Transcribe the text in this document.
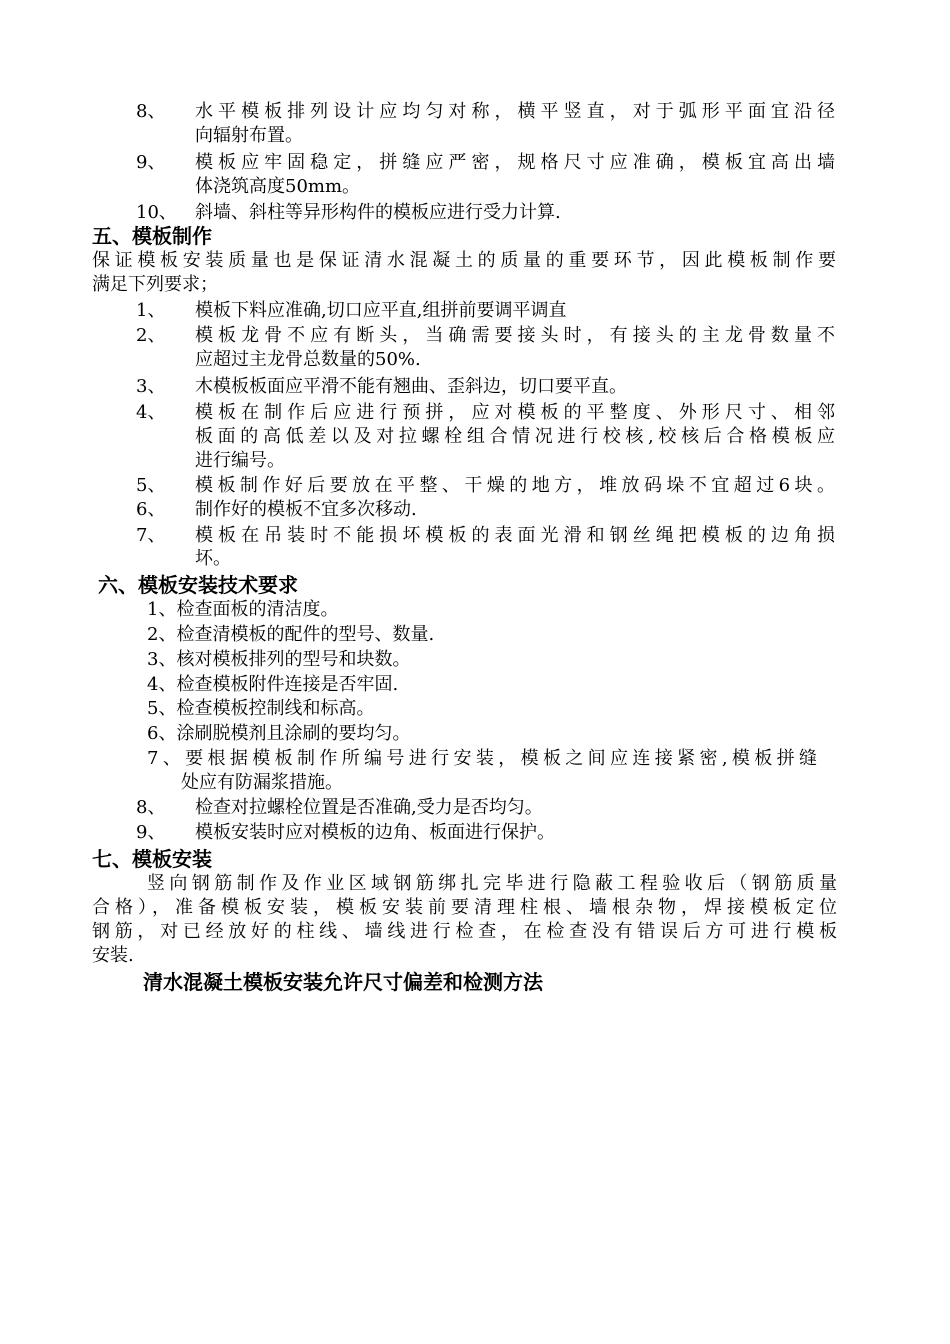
8、 水平模板排列设计应均匀对称，横平竖直，对于弧形平面宜沿径
向辐射布置。
9、 模板应牢固稳定，拼缝应严密，规格尺寸应准确，模板宜高出墙
体浇筑高度50mm。
10、 斜墙、斜柱等异形构件的模板应进行受力计算.
五、模板制作
保证模板安装质量也是保证清水混凝土的质量的重要环节，因此模板制作要
满足下列要求；
1、 模板下料应准确,切口应平直,组拼前要调平调直
2、 模板龙骨不应有断头，当确需要接头时，有接头的主龙骨数量不
应超过主龙骨总数量的50%.
3、 木模板板面应平滑不能有翘曲、歪斜边，切口要平直。
4、 模板在制作后应进行预拼，应对模板的平整度、外形尺寸、相邻
板面的高低差以及对拉螺栓组合情况进行校核,校核后合格模板应
进行编号。
5、 模板制作好后要放在平整、干燥的地方，堆放码垛不宜超过6块。
6、 制作好的模板不宜多次移动.
7、 模板在吊装时不能损坏模板的表面光滑和钢丝绳把模板的边角损
坏。
六、模板安装技术要求
1、检查面板的清洁度。
2、检查清模板的配件的型号、数量.
3、核对模板排列的型号和块数。
4、检查模板附件连接是否牢固.
5、检查模板控制线和标高。
6、涂刷脱模剂且涂刷的要均匀。
7、要根据模板制作所编号进行安装，模板之间应连接紧密,模板拼缝
处应有防漏浆措施。
8、 检查对拉螺栓位置是否准确,受力是否均匀。
9、 模板安装时应对模板的边角、板面进行保护。
七、模板安装
竖向钢筋制作及作业区域钢筋绑扎完毕进行隐蔽工程验收后（钢筋质量
合格），准备模板安装，模板安装前要清理柱根、墙根杂物，焊接模板定位
钢筋，对已经放好的柱线、墙线进行检查，在检查没有错误后方可进行模板
安装.
清水混凝土模板安装允许尺寸偏差和检测方法
